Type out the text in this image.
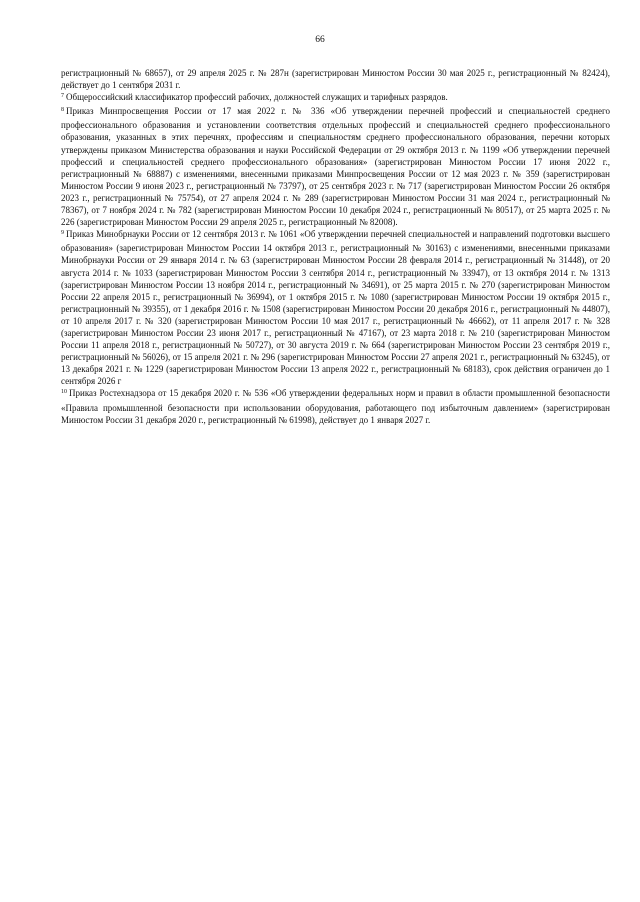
66

регистрационный № 68657), от 29 апреля 2025 г. № 287н (зарегистрирован Минюстом России 30 мая 2025 г., регистрационный № 82424), действует до 1 сентября 2031 г.

$^7$ Общероссийский классификатор профессий рабочих, должностей служащих и тарифных разрядов.

$^8$ Приказ Минпросвещения России от 17 мая 2022 г. № 336 «Об утверждении перечней профессий и специальностей среднего профессионального образования и установлении соответствия отдельных профессий и специальностей среднего профессионального образования, указанных в этих перечнях, профессиям и специальностям среднего профессионального образования, перечни которых утверждены приказом Министерства образования и науки Российской Федерации от 29 октября 2013 г. № 1199 «Об утверждении перечней профессий и специальностей среднего профессионального образования» (зарегистрирован Минюстом России 17 июня 2022 г., регистрационный № 68887) с изменениями, внесенными приказами Минпросвещения России от 12 мая 2023 г. № 359 (зарегистрирован Минюстом России 9 июня 2023 г., регистрационный № 73797), от 25 сентября 2023 г. № 717 (зарегистрирован Минюстом России 26 октября 2023 г., регистрационный № 75754), от 27 апреля 2024 г. № 289 (зарегистрирован Минюстом России 31 мая 2024 г., регистрационный № 78367), от 7 ноября 2024 г. № 782 (зарегистрирован Минюстом России 10 декабря 2024 г., регистрационный № 80517), от 25 марта 2025 г. № 226 (зарегистрирован Минюстом России 29 апреля 2025 г., регистрационный № 82008).

$^9$ Приказ Минобрнауки России от 12 сентября 2013 г. № 1061 «Об утверждении перечней специальностей и направлений подготовки высшего образования» (зарегистрирован Минюстом России 14 октября 2013 г., регистрационный № 30163) с изменениями, внесенными приказами Минобрнауки России от 29 января 2014 г. № 63 (зарегистрирован Минюстом России 28 февраля 2014 г., регистрационный № 31448), от 20 августа 2014 г. № 1033 (зарегистрирован Минюстом России 3 сентября 2014 г., регистрационный № 33947), от 13 октября 2014 г. № 1313 (зарегистрирован Минюстом России 13 ноября 2014 г., регистрационный № 34691), от 25 марта 2015 г. № 270 (зарегистрирован Минюстом России 22 апреля 2015 г., регистрационный № 36994), от 1 октября 2015 г. № 1080 (зарегистрирован Минюстом России 19 октября 2015 г., регистрационный № 39355), от 1 декабря 2016 г. № 1508 (зарегистрирован Минюстом России 20 декабря 2016 г., регистрационный № 44807), от 10 апреля 2017 г. № 320 (зарегистрирован Минюстом России 10 мая 2017 г., регистрационный № 46662), от 11 апреля 2017 г. № 328 (зарегистрирован Минюстом России 23 июня 2017 г., регистрационный № 47167), от 23 марта 2018 г. № 210 (зарегистрирован Минюстом России 11 апреля 2018 г., регистрационный № 50727), от 30 августа 2019 г. № 664 (зарегистрирован Минюстом России 23 сентября 2019 г., регистрационный № 56026), от 15 апреля 2021 г. № 296 (зарегистрирован Минюстом России 27 апреля 2021 г., регистрационный № 63245), от 13 декабря 2021 г. № 1229 (зарегистрирован Минюстом России 13 апреля 2022 г., регистрационный № 68183), срок действия ограничен до 1 сентября 2026 г

$^{10}$ Приказ Ростехнадзора от 15 декабря 2020 г. № 536 «Об утверждении федеральных норм и правил в области промышленной безопасности «Правила промышленной безопасности при использовании оборудования, работающего под избыточным давлением» (зарегистрирован Минюстом России 31 декабря 2020 г., регистрационный № 61998), действует до 1 января 2027 г.
